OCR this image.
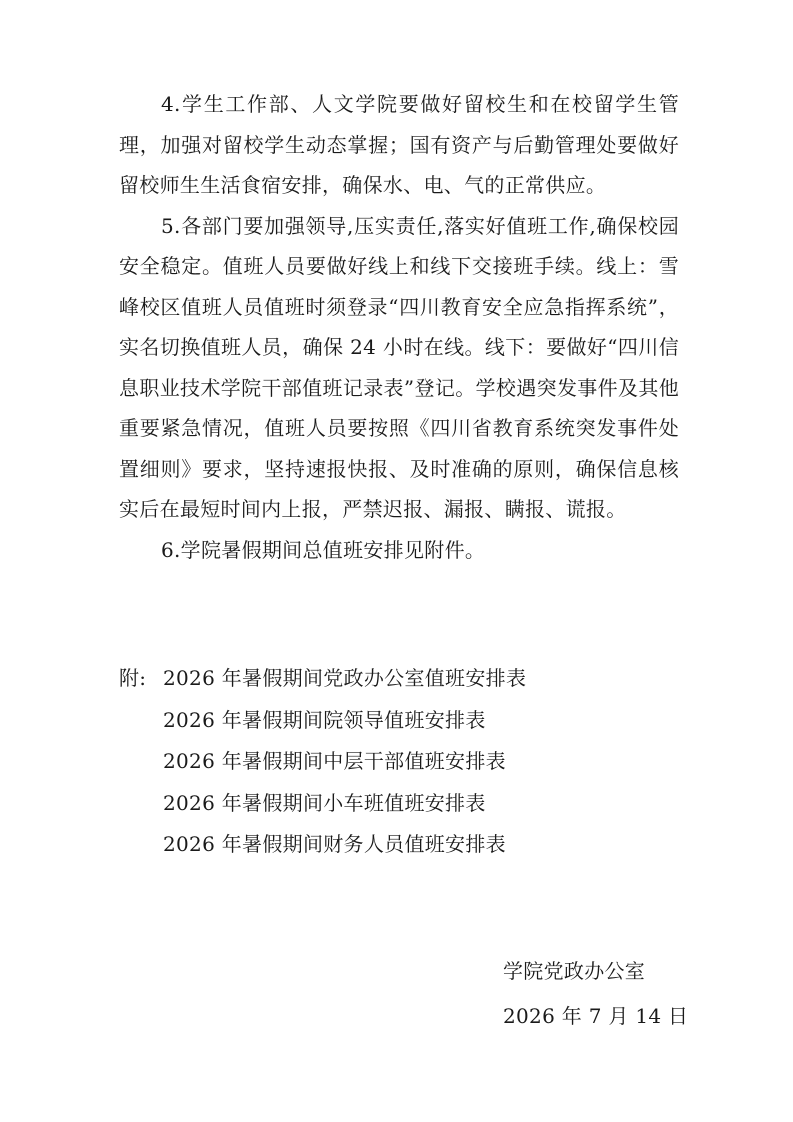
4.学生工作部、人文学院要做好留校生和在校留学生管理，加强对留校学生动态掌握；国有资产与后勤管理处要做好留校师生生活食宿安排，确保水、电、气的正常供应。

5.各部门要加强领导,压实责任,落实好值班工作,确保校园安全稳定。值班人员要做好线上和线下交接班手续。线上：雪峰校区值班人员值班时须登录“四川教育安全应急指挥系统”，实名切换值班人员，确保 24 小时在线。线下：要做好“四川信息职业技术学院干部值班记录表”登记。学校遇突发事件及其他重要紧急情况，值班人员要按照《四川省教育系统突发事件处置细则》要求，坚持速报快报、及时准确的原则，确保信息核实后在最短时间内上报，严禁迟报、漏报、瞒报、谎报。

6.学院暑假期间总值班安排见附件。

附: 2026 年暑假期间党政办公室值班安排表
2026 年暑假期间院领导值班安排表
2026 年暑假期间中层干部值班安排表
2026 年暑假期间小车班值班安排表
2026 年暑假期间财务人员值班安排表
学院党政办公室
2026 年 7 月 14 日
